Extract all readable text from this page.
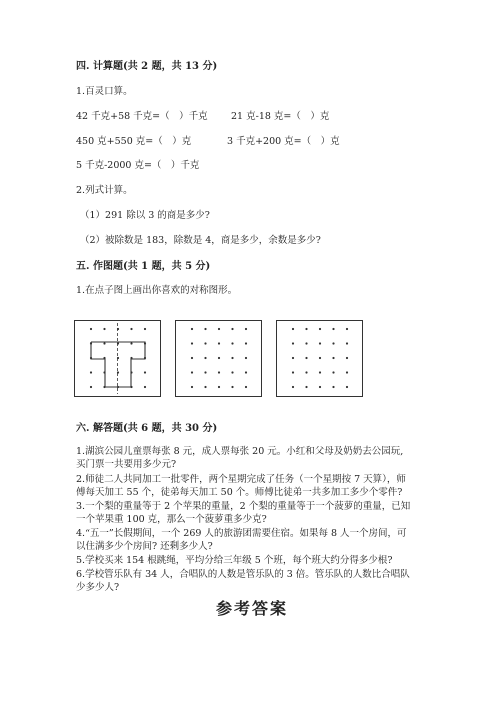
四. 计算题(共 2 题，共 13 分)
1.百灵口算。
42 千克+58 千克=（　）千克 21 克-18 克=（　）克
450 克+550 克=（　）克	3 千克+200 克=（　）克
5 千克-2000 克=（　）千克
2.列式计算。
（1）291 除以 3 的商是多少?
（2）被除数是 183，除数是 4，商是多少，余数是多少?
五. 作图题(共 1 题，共 5 分)
1.在点子图上画出你喜欢的对称图形。
六. 解答题(共 6 题，共 30 分)
1.湖滨公园儿童票每张 8 元，成人票每张 20 元。小红和父母及奶奶去公园玩,
买门票一共要用多少元?
2.师徒二人共同加工一批零件，两个星期完成了任务（一个星期按 7 天算），师
傅每天加工 55 个，徒弟每天加工 50 个。师傅比徒弟一共多加工多少个零件?
3.一个梨的重量等于 2 个苹果的重量，2 个梨的重量等于一个菠萝的重量，已知
一个苹果重 100 克，那么一个菠萝重多少克?
4.“五一”长假期间，一个 269 人的旅游团需要住宿。如果每 8 人一个房间，可
以住满多少个房间? 还剩多少人?
5.学校买来 154 根跳绳，平均分给三年级 5 个班，每个班大约分得多少根?
6.学校管乐队有 34 人，合唱队的人数是管乐队的 3 倍。管乐队的人数比合唱队
少多少人?
参考答案
